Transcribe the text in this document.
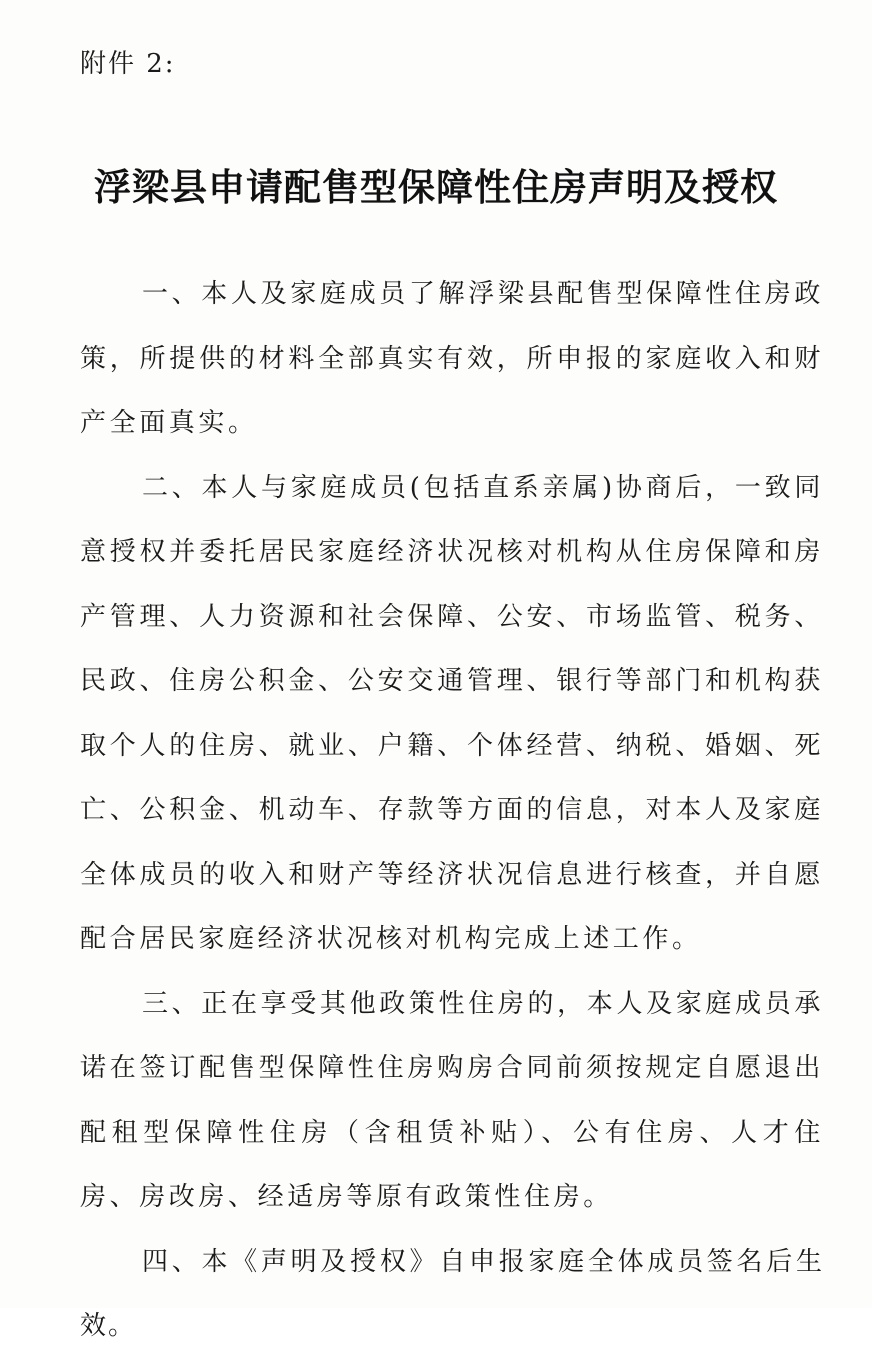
附件 2:
浮梁县申请配售型保障性住房声明及授权

一、本人及家庭成员了解浮梁县配售型保障性住房政策，所提供的材料全部真实有效，所申报的家庭收入和财产全面真实。

二、本人与家庭成员(包括直系亲属)协商后，一致同意授权并委托居民家庭经济状况核对机构从住房保障和房产管理、人力资源和社会保障、公安、市场监管、税务、民政、住房公积金、公安交通管理、银行等部门和机构获取个人的住房、就业、户籍、个体经营、纳税、婚姻、死亡、公积金、机动车、存款等方面的信息，对本人及家庭全体成员的收入和财产等经济状况信息进行核查，并自愿配合居民家庭经济状况核对机构完成上述工作。

三、正在享受其他政策性住房的，本人及家庭成员承诺在签订配售型保障性住房购房合同前须按规定自愿退出配租型保障性住房（含租赁补贴）、公有住房、人才住房、房改房、经适房等原有政策性住房。

四、本《声明及授权》自申报家庭全体成员签名后生效。
